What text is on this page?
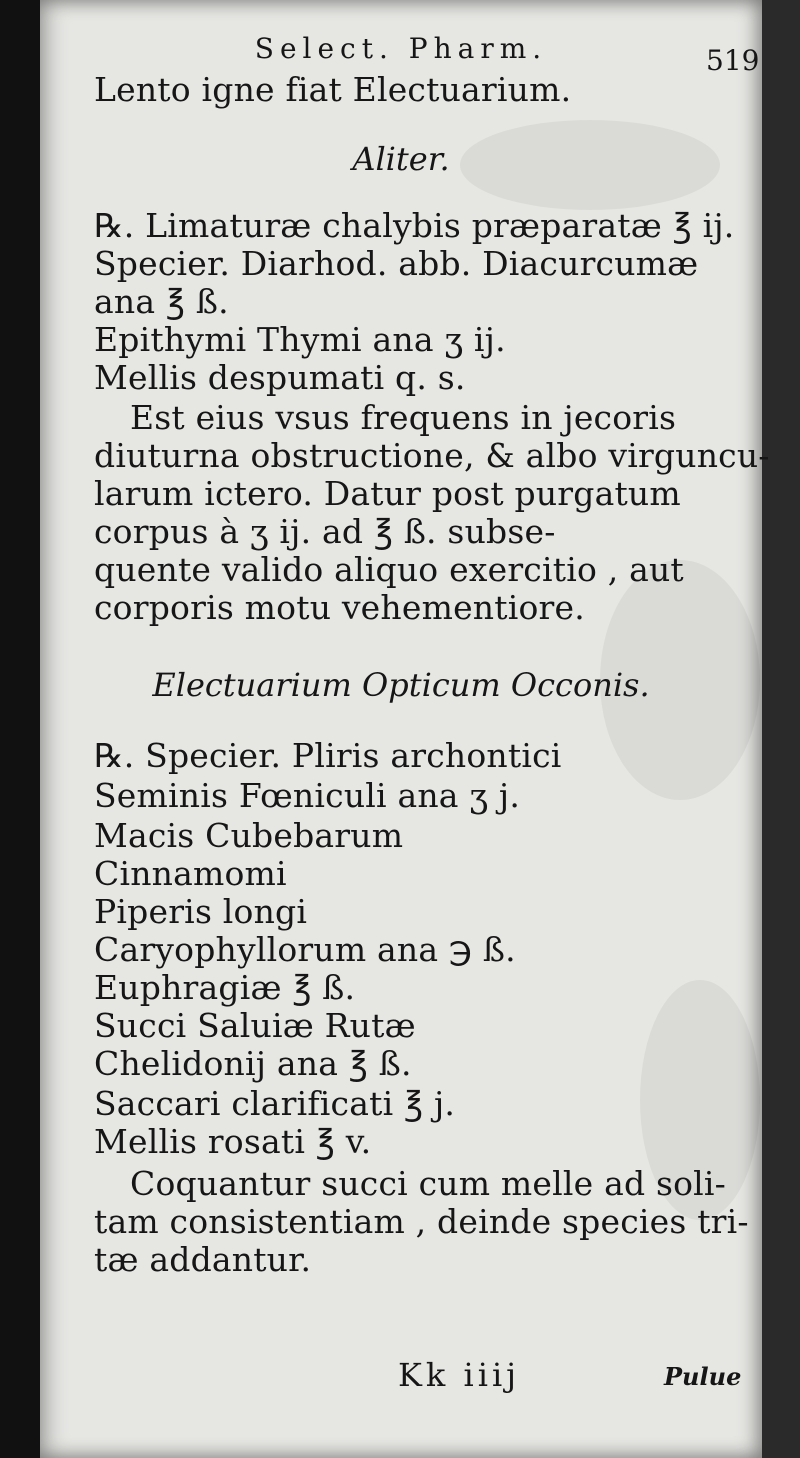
Select. Pharm.	519
Lento igne fiat Electuarium.
Aliter.
℞. Limaturæ chalybis præparatæ ℥ ij.
Specier. Diarhod. abb. Diacurcumæ
ana ℥ ß.
Epithymi Thymi ana ʒ ij.
Mellis despumati q. s.
Est eius vsus frequens in jecoris
diuturna obstructione, & albo virguncu-
larum ictero. Datur post purgatum
corpus à ʒ ij. ad ℥ ß. subse-
quente valido aliquo exercitio , aut
corporis motu vehementiore.
Electuarium Opticum Occonis.
℞. Specier. Pliris archontici
Seminis Fœniculi ana ʒ j.
Macis Cubebarum
Cinnamomi
Piperis longi
Caryophyllorum ana ℈ ß.
Euphragiæ ℥ ß.
Succi Saluiæ Rutæ
Chelidonij ana ℥ ß.
Saccari clarificati ℥ j.
Mellis rosati ℥ v.
Coquantur succi cum melle ad soli-
tam consistentiam , deinde species tri-
tæ addantur.
Kk iiij	Pulue
